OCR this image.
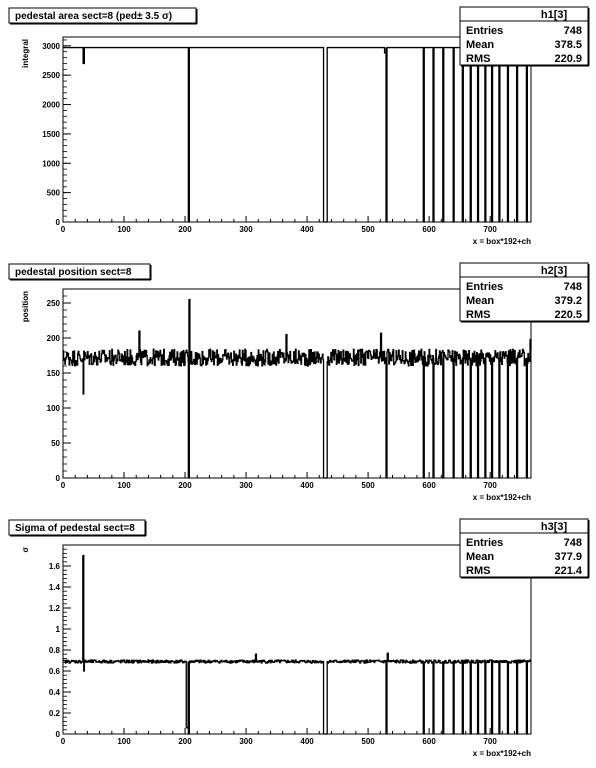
0	100	200	300	400	500	600	700
0
500
1000
1500
2000
2500
3000
x = box*192+ch
integral
pedestal area sect=8 (ped± 3.5 σ)	h1[3]
Entries	748
Mean	378.5
RMS	220.9
0	100	200	300	400	500	600	700
0
50
100
150
200
250
x = box*192+ch
position
pedestal position sect=8	h2[3]
Entries	748
Mean	379.2
RMS	220.5
0	100	200	300	400	500	600	700
0
0.2
0.4
0.6
0.8
1
1.2
1.4
1.6
x = box*192+ch
σ
Sigma of pedestal sect=8	h3[3]
Entries	748
Mean	377.9
RMS	221.4
